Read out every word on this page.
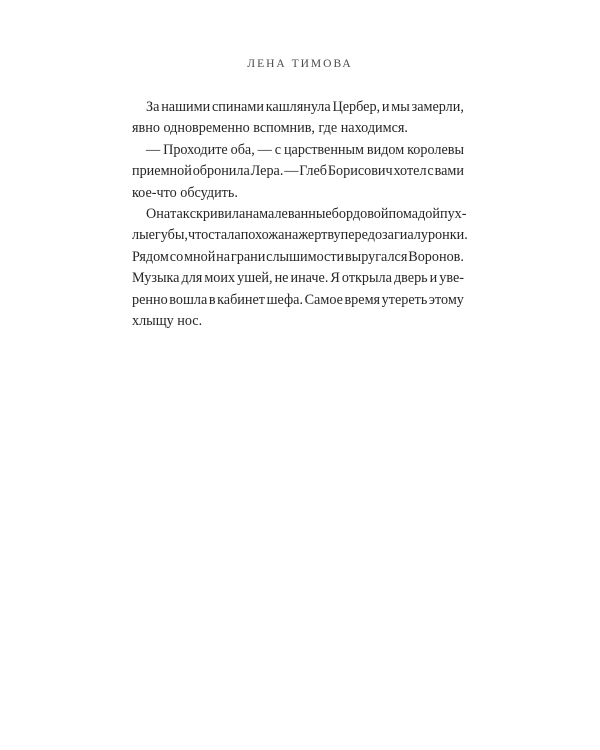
ЛЕНА ТИМОВА
За нашими спинами кашлянула Цербер, и мы замерли,
явно одновременно вспомнив, где находимся.
— Проходите оба, — с царственным видом королевы
приемной обронила Лера. — Глеб Борисович хотел с вами
кое-что обсудить.
Она так скривила намалеванные бордовой помадой пух-
лые губы, что стала похожа на жертву передоза гиалуронки.
Рядом со мной на грани слышимости выругался Воронов.
Музыка для моих ушей, не иначе. Я открыла дверь и уве-
ренно вошла в кабинет шефа. Самое время утереть этому
хлыщу нос.
